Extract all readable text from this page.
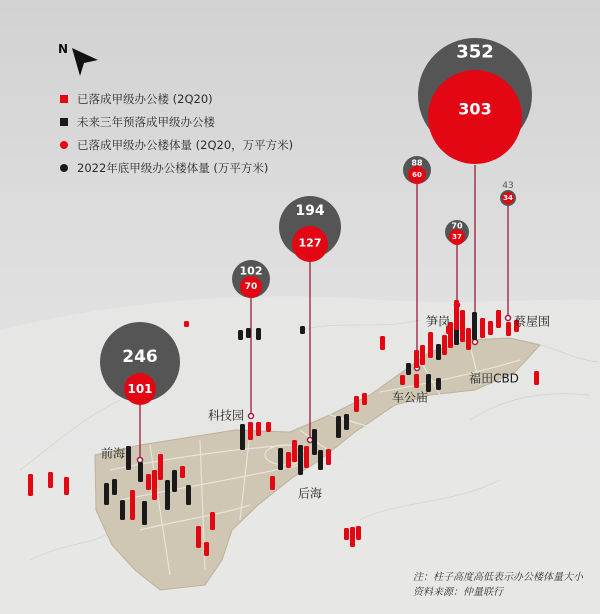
N
已落成甲级办公楼 (2Q20)
未来三年预落成甲级办公楼
已落成甲级办公楼体量 (2Q20，万平方米)
2022年底甲级办公楼体量 (万平方米)
246
101
102
70
194
127
88
60
70
37
352
303
43
34
前海
科技园
后海
车公庙
笋岗
福田CBD
蔡屋围
注：柱子高度高低表示办公楼体量大小
资料来源：仲量联行
